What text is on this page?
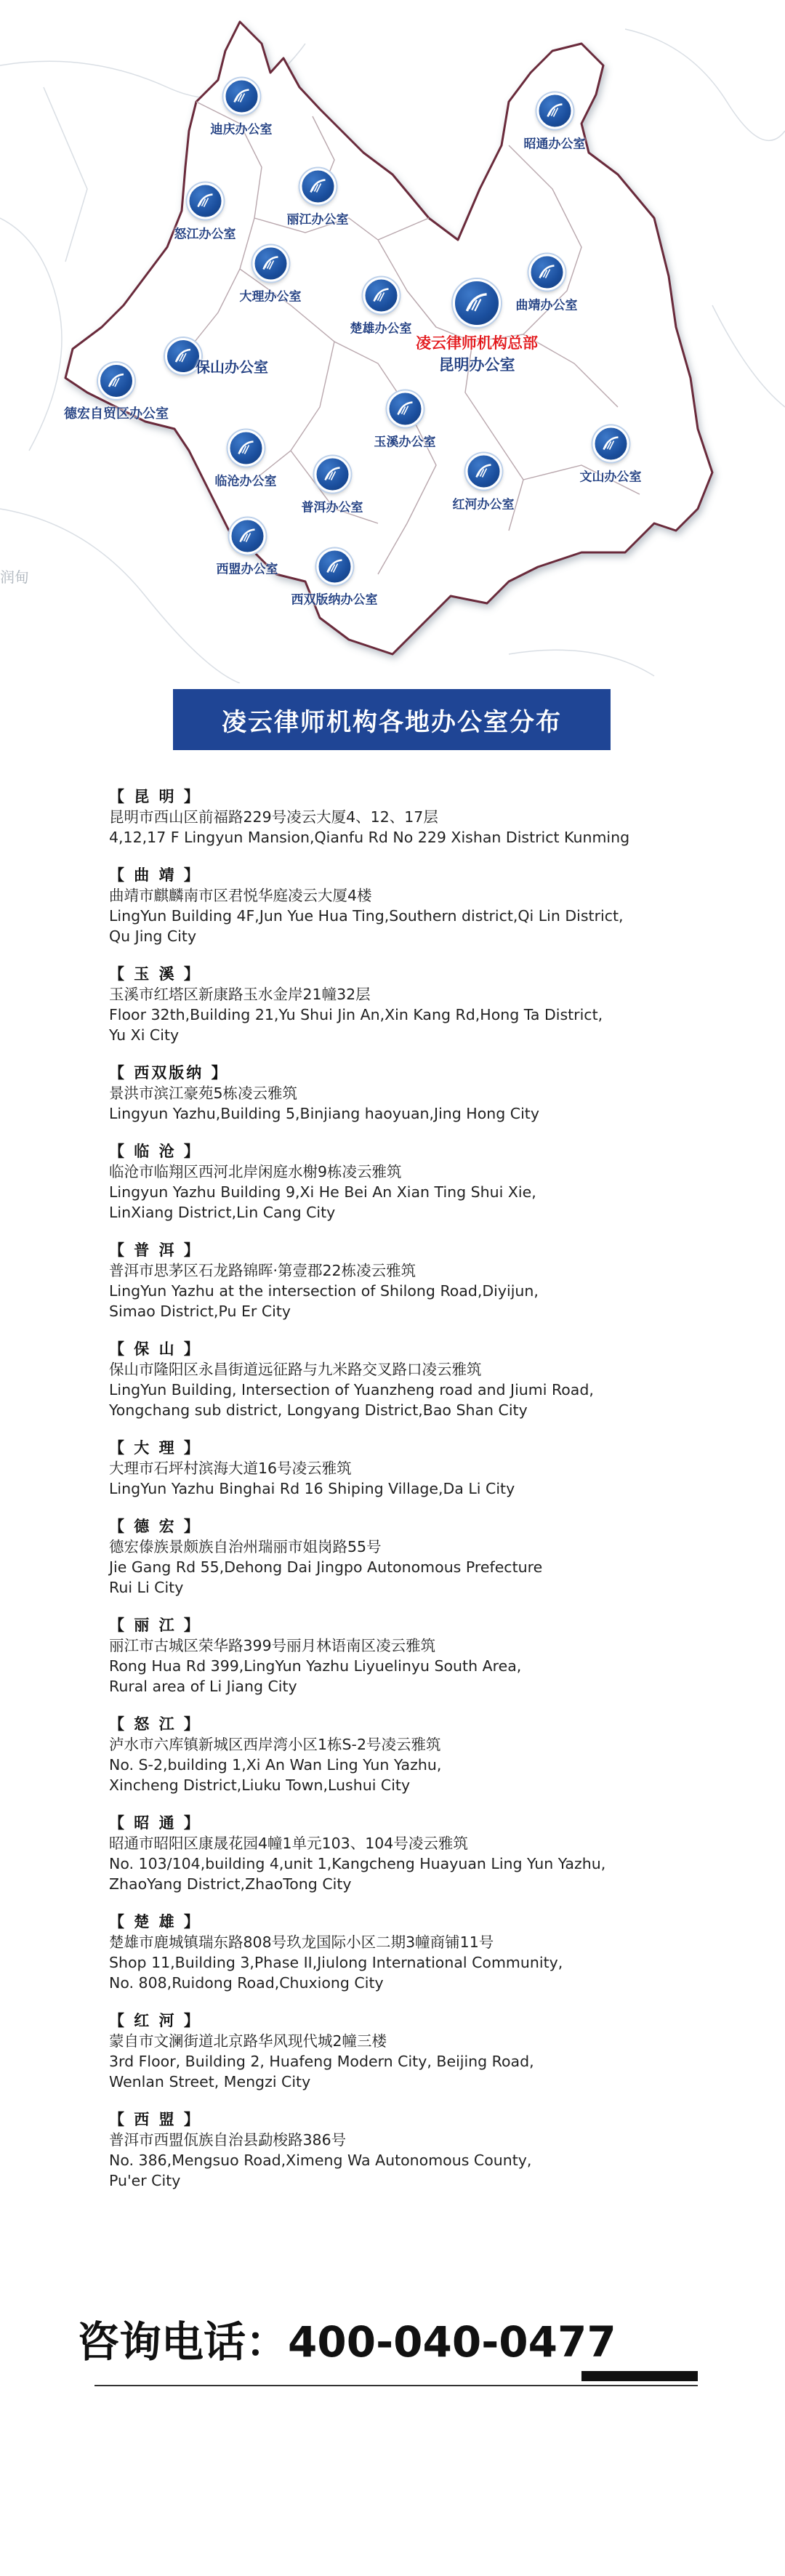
润甸
昭通办公室
迪庆办公室
丽江办公室
怒江办公室
大理办公室
曲靖办公室
楚雄办公室
保山办公室
德宏自贸区办公室
玉溪办公室
临沧办公室
普洱办公室	红河办公室
文山办公室
西盟办公室
西双版纳办公室
凌云律师机构总部
昆明办公室
凌云律师机构各地办公室分布
【 昆 明 】
昆明市西山区前福路229号凌云大厦4、12、17层
4,12,17 F Lingyun Mansion,Qianfu Rd No 229 Xishan District Kunming
【 曲 靖 】
曲靖市麒麟南市区君悦华庭凌云大厦4楼
LingYun Building 4F,Jun Yue Hua Ting,Southern district,Qi Lin District,
Qu Jing City
【 玉 溪 】
玉溪市红塔区新康路玉水金岸21幢32层
Floor 32th,Building 21,Yu Shui Jin An,Xin Kang Rd,Hong Ta District,
Yu Xi City
【 西双版纳 】
景洪市滨江豪苑5栋凌云雅筑
Lingyun Yazhu,Building 5,Binjiang haoyuan,Jing Hong City
【 临 沧 】
临沧市临翔区西河北岸闲庭水榭9栋凌云雅筑
Lingyun Yazhu Building 9,Xi He Bei An Xian Ting Shui Xie,
LinXiang District,Lin Cang City
【 普 洱 】
普洱市思茅区石龙路锦晖·第壹郡22栋凌云雅筑
LingYun Yazhu at the intersection of Shilong Road,Diyijun,
Simao District,Pu Er City
【 保 山 】
保山市隆阳区永昌街道远征路与九米路交叉路口凌云雅筑
LingYun Building, Intersection of Yuanzheng road and Jiumi Road,
Yongchang sub district, Longyang District,Bao Shan City
【 大 理 】
大理市石坪村滨海大道16号凌云雅筑
LingYun Yazhu Binghai Rd 16 Shiping Village,Da Li City
【 德 宏 】
德宏傣族景颇族自治州瑞丽市姐岗路55号
Jie Gang Rd 55,Dehong Dai Jingpo Autonomous Prefecture
Rui Li City
【 丽 江 】
丽江市古城区荣华路399号丽月林语南区凌云雅筑
Rong Hua Rd 399,LingYun Yazhu Liyuelinyu South Area,
Rural area of Li Jiang City
【 怒 江 】
泸水市六库镇新城区西岸湾小区1栋S-2号凌云雅筑
No. S-2,building 1,Xi An Wan Ling Yun Yazhu,
Xincheng District,Liuku Town,Lushui City
【 昭 通 】
昭通市昭阳区康晟花园4幢1单元103、104号凌云雅筑
No. 103/104,building 4,unit 1,Kangcheng Huayuan Ling Yun Yazhu,
ZhaoYang District,ZhaoTong City
【 楚 雄 】
楚雄市鹿城镇瑞东路808号玖龙国际小区二期3幢商铺11号
Shop 11,Building 3,Phase II,Jiulong International Community,
No. 808,Ruidong Road,Chuxiong City
【 红 河 】
蒙自市文澜街道北京路华风现代城2幢三楼
3rd Floor, Building 2, Huafeng Modern City, Beijing Road,
Wenlan Street, Mengzi City
【 西 盟 】
普洱市西盟佤族自治县勐梭路386号
No. 386,Mengsuo Road,Ximeng Wa Autonomous County,
Pu'er City
咨询电话：400-040-0477
